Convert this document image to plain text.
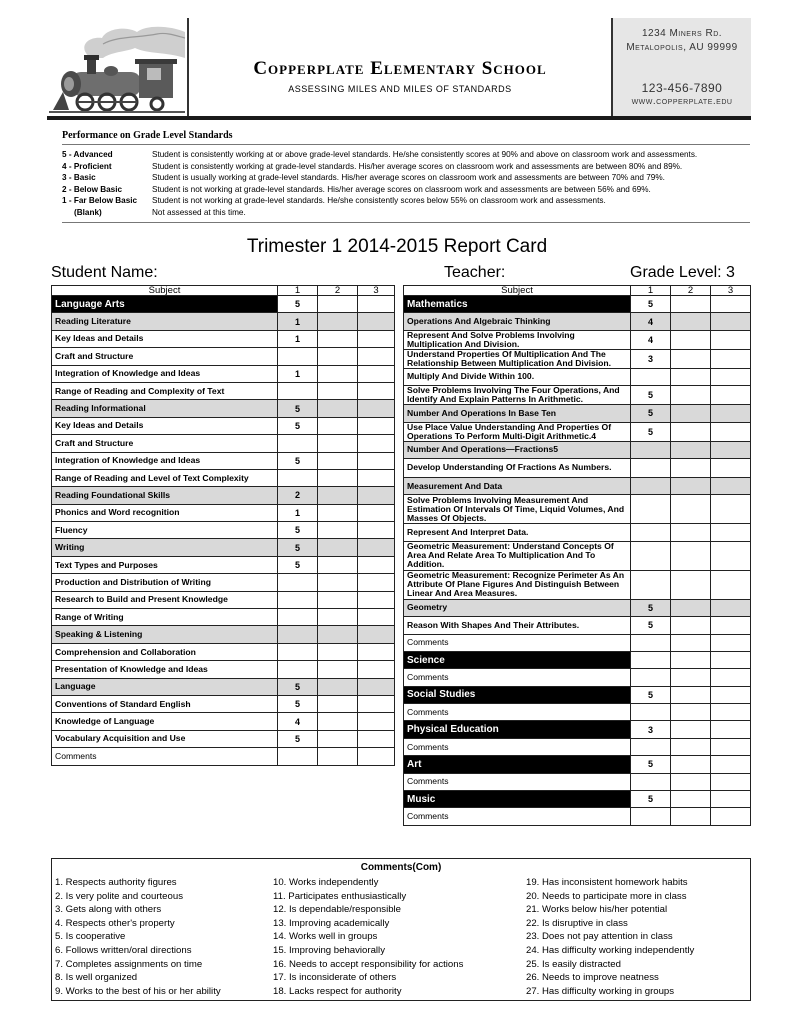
Copperplate Elementary School
ASSESSING MILES AND MILES OF STANDARDS
1234 Miners Rd.
Metalopolis, AU 99999
123-456-7890
www.copperplate.edu
Performance on Grade Level Standards
5 - Advanced	Student is consistently working at or above grade-level standards. He/she consistently scores at 90% and above on classroom work and assessments.
4 - Proficient	Student is consistently working at grade-level standards. His/her average scores on classroom work and assessments are between 80% and 89%.
3 - Basic	Student is usually working at grade-level standards. His/her average scores on classroom work and assessments are between 70% and 79%.
2 - Below Basic	Student is not working at grade-level standards. His/her average scores on classroom work and assessments are between 56% and 69%.
1 - Far Below Basic	Student is not working at grade-level standards. He/she consistently scores below 55% on classroom work and assessments.
(Blank)	Not assessed at this time.
Trimester 1 2014-2015 Report Card
Student Name:	Teacher:	Grade Level: 3
Subject	1	2	3
Language Arts	5		
Reading Literature	1		
Key Ideas and Details	1		
Craft and Structure			
Integration of Knowledge and Ideas	1		
Range of Reading and Complexity of Text			
Reading Informational	5		
Key Ideas and Details	5		
Craft and Structure			
Integration of Knowledge and Ideas	5		
Range of Reading and Level of Text Complexity			
Reading Foundational Skills	2		
Phonics and Word recognition	1		
Fluency	5		
Writing	5		
Text Types and Purposes	5		
Production and Distribution of Writing			
Research to Build and Present Knowledge			
Range of Writing			
Speaking & Listening			
Comprehension and Collaboration			
Presentation of Knowledge and Ideas			
Language	5		
Conventions of Standard English	5		
Knowledge of Language	4		
Vocabulary Acquisition and Use	5		
Comments			
Subject	1	2	3
Mathematics	5		
Operations And Algebraic Thinking	4		
Represent And Solve Problems Involving Multiplication And Division.	4		
Understand Properties Of Multiplication And The Relationship Between Multiplication And Division.	3		
Multiply And Divide Within 100.			
Solve Problems Involving The Four Operations, And Identify And Explain Patterns In Arithmetic.	5		
Number And Operations In Base Ten	5		
Use Place Value Understanding And Properties Of Operations To Perform Multi-Digit Arithmetic.4	5		
Number And Operations—Fractions5			
Develop Understanding Of Fractions As Numbers.			
Measurement And Data			
Solve Problems Involving Measurement And Estimation Of Intervals Of Time, Liquid Volumes, And Masses Of Objects.			
Represent And Interpret Data.			
Geometric Measurement: Understand Concepts Of Area And Relate Area To Multiplication And To Addition.			
Geometric Measurement: Recognize Perimeter As An Attribute Of Plane Figures And Distinguish Between Linear And Area Measures.			
Geometry	5		
Reason With Shapes And Their Attributes.	5		
Comments			
Science			
Comments			
Social Studies	5		
Comments			
Physical Education	3		
Comments			
Art	5		
Comments			
Music	5		
Comments			
Comments(Com)
1. Respects authority figures
2. Is very polite and courteous
3. Gets along with others
4. Respects other's property
5. Is cooperative
6. Follows written/oral directions
7. Completes assignments on time
8. Is well organized
9. Works to the best of his or her ability
10. Works independently
11. Participates enthusiastically
12. Is dependable/responsible
13. Improving academically
14. Works well in groups
15. Improving behaviorally
16. Needs to accept responsibility for actions
17. Is inconsiderate of others
18. Lacks respect for authority
19. Has inconsistent homework habits
20. Needs to participate more in class
21. Works below his/her potential
22. Is disruptive in class
23. Does not pay attention in class
24. Has difficulty working independently
25. Is easily distracted
26. Needs to improve neatness
27. Has difficulty working in groups
